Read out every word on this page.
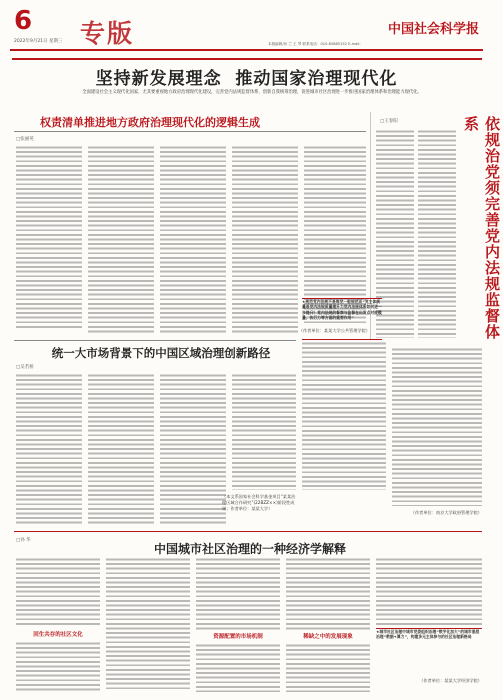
6
2022年9月21日 星期三 专版	中国社会科学报
本版编辑/孙 兰 王 琴 联系电话：010-85885152 E-mail:
坚持新发展理念  推动国家治理现代化
全面建设社会主义现代化国家，尤其要重视地方政府治理现代化建设，完善党内法规监督体系，创新自我统筹治理，促进城市社区治理进一步推进国家治理体系和治理能力现代化。
权责清单推进地方政府治理现代化的逻辑生成
□张丽英
（作者单位：某某大学公共管理学院）
□王春阳	依规治党须完善党内法规监督体系
★规范党内法规不是每党一般规范而“党主体质量是党内法规质量提升力党内法规体系如何进一步提升？党内法规的督察与监督在出发点对规模量、执行力等方面的重要作用”
（作者单位：南京大学政府管理学院）
统一大市场背景下的中国区域治理创新路径
□吴若桥
（本文系国家社会科学基金项目“某某治理区域合作研究”(22BZZ××)阶段性成果；作者单位：某某大学）
□孙 华
中国城市社区治理的一种经济学解释
回生共存的社区文化	资源配置的市场机制	稀缺之中的发展现象
★城市社区治理中城市党委组织治理“数字化加大”的城市基层治理“数据+算力”，构建多元主体参与的社区治理新格局
（作者单位：某某大学经济学院）
